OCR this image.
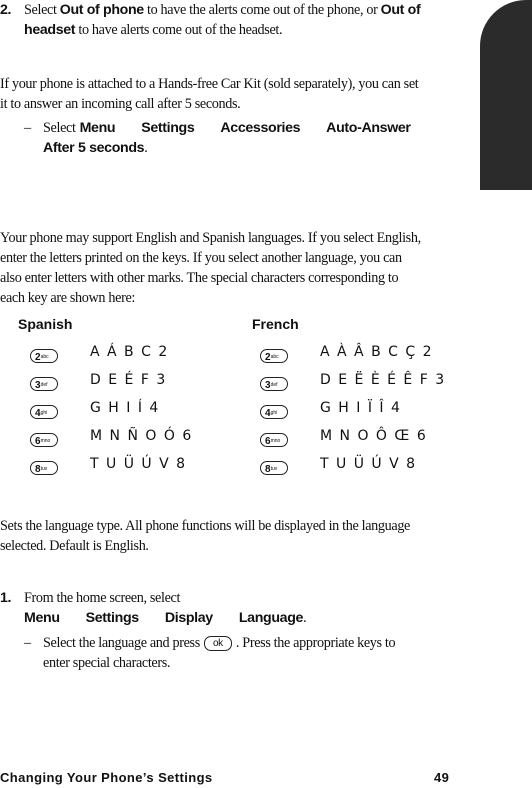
2. Select Out of phone to have the alerts come out of the phone, or Out of
headset to have alerts come out of the headset.
If your phone is attached to a Hands-free Car Kit (sold separately), you can set
it to answer an incoming call after 5 seconds.
– Select Menu Settings Accessories Auto-Answer
After 5 seconds.
Your phone may support English and Spanish languages. If you select English,
enter the letters printed on the keys. If you select another language, you can
also enter letters with other marks. The special characters corresponding to
each key are shown here:
Spanish	French
$2^{abc}$	A Á B C 2
$3^{def}$	D E É F 3
$4^{ghi}$	G H I Í 4
$6^{mno}$	M N Ñ O Ó 6
$8^{tuv}$	T U Ü Ú V 8
$2^{abc}$	A À Â B C Ç 2
$3^{def}$	D E Ë È É Ê F 3
$4^{ghi}$	G H I Ï Î 4
$6^{mno}$	M N O Ô Œ 6
$8^{tuv}$	T U Ü Ú V 8
Sets the language type. All phone functions will be displayed in the language
selected. Default is English.
1. From the home screen, select
Menu Settings Display Language.
– Select the language and press ok . Press the appropriate keys to
enter special characters.
Changing Your Phone’s Settings	49
